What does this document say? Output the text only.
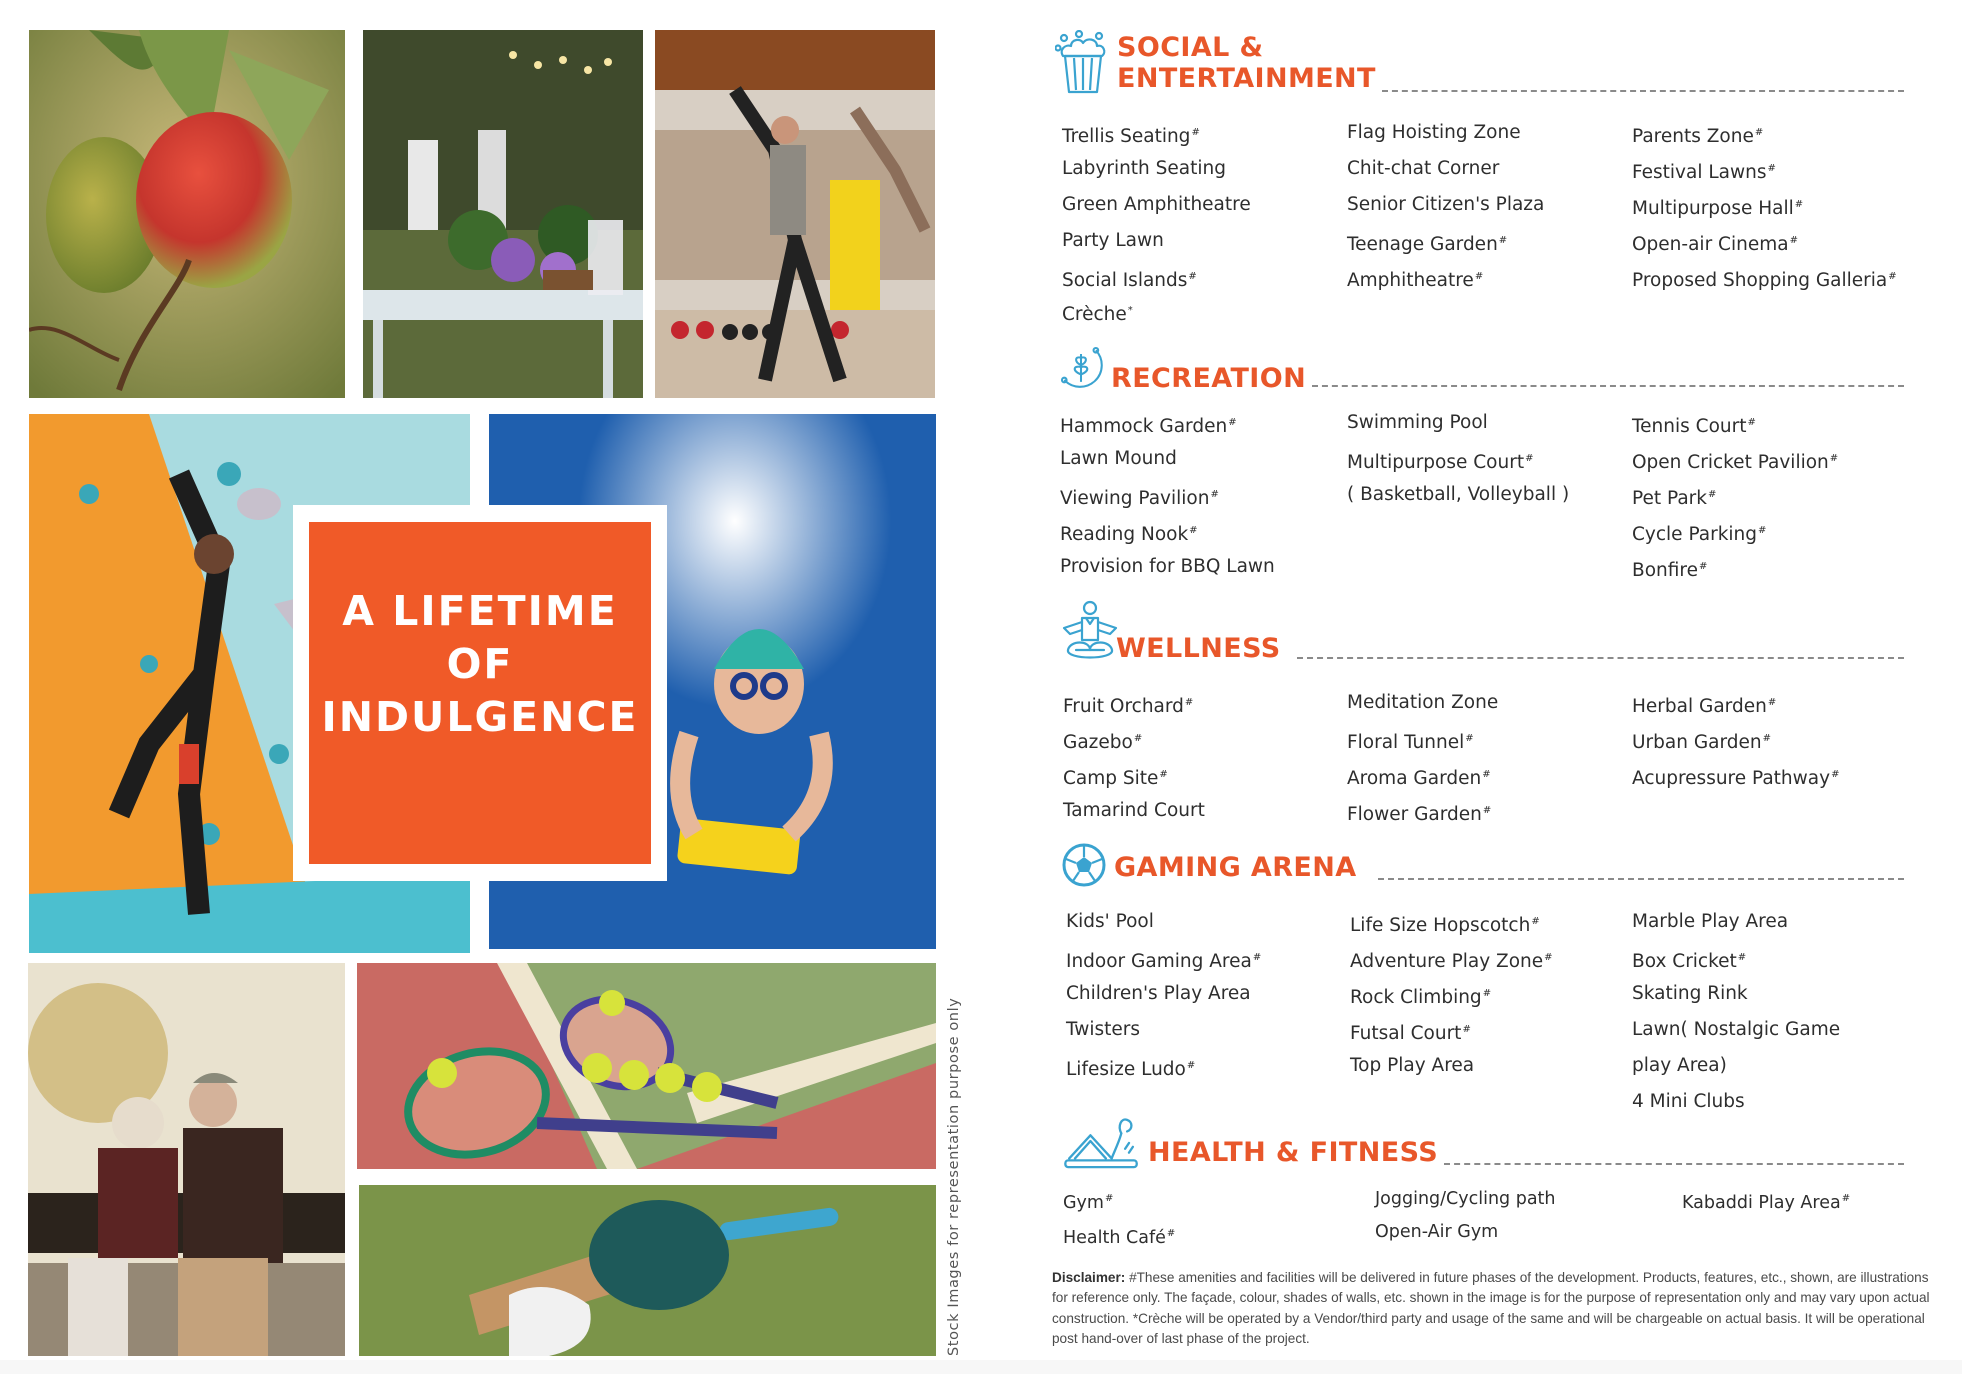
A LIFETIME
OF
INDULGENCE
Stock Images for representation purpose only
SOCIAL &
ENTERTAINMENT
Trellis Seating#
Labyrinth Seating
Green Amphitheatre
Party Lawn
Social Islands#
Crèche*
Flag Hoisting Zone
Chit-chat Corner
Senior Citizen's Plaza
Teenage Garden#
Amphitheatre#
Parents Zone#
Festival Lawns#
Multipurpose Hall#
Open-air Cinema#
Proposed Shopping Galleria#
RECREATION
Hammock Garden#
Lawn Mound
Viewing Pavilion#
Reading Nook#
Provision for BBQ Lawn
Swimming Pool
Multipurpose Court#
( Basketball, Volleyball )
Tennis Court#
Open Cricket Pavilion#
Pet Park#
Cycle Parking#
Bonfire#
WELLNESS
Fruit Orchard#
Gazebo#
Camp Site#
Tamarind Court
Meditation Zone
Floral Tunnel#
Aroma Garden#
Flower Garden#
Herbal Garden#
Urban Garden#
Acupressure Pathway#
GAMING ARENA
Kids' Pool
Indoor Gaming Area#
Children's Play Area
Twisters
Lifesize Ludo#
Life Size Hopscotch#
Adventure Play Zone#
Rock Climbing#
Futsal Court#
Top Play Area
Marble Play Area
Box Cricket#
Skating Rink
Lawn( Nostalgic Game
play Area)
4 Mini Clubs
HEALTH & FITNESS
Gym#
Health Café#
Jogging/Cycling path
Open-Air Gym
Kabaddi Play Area#
Disclaimer: #These amenities and facilities will be delivered in future phases of the development. Products, features, etc., shown, are illustrations for reference only. The façade, colour, shades of walls, etc. shown in the image is for the purpose of representation only and may vary upon actual construction. *Crèche will be operated by a Vendor/third party and usage of the same and will be chargeable on actual basis. It will be operational post hand-over of last phase of the project.
